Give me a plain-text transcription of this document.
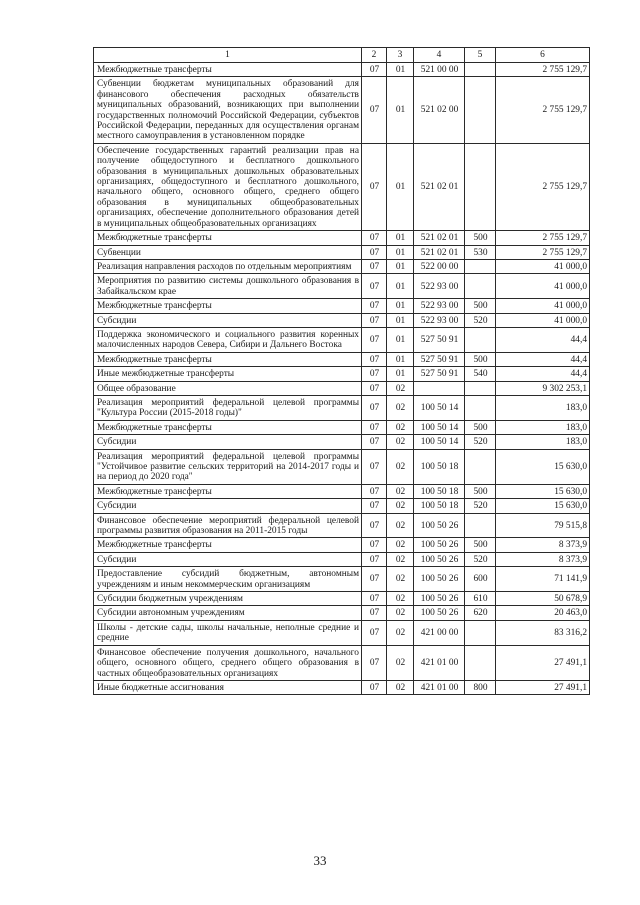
1	2	3	4	5	6
Межбюджетные трансферты	07	01	521 00 00		2 755 129,7
Субвенции бюджетам муниципальных образований для финансового обеспечения расходных обязательств муниципальных образований, возникающих при выполнении государственных полномочий Российской Федерации, субъектов Российской Федерации, переданных для осуществления органам местного самоуправления в установленном порядке	07	01	521 02 00		2 755 129,7
Обеспечение государственных гарантий реализации прав на получение общедоступного и бесплатного дошкольного образования в муниципальных дошкольных образовательных организациях, общедоступного и бесплатного дошкольного, начального общего, основного общего, среднего общего образования в муниципальных общеобразовательных организациях, обеспечение дополнительного образования детей в муниципальных общеобразовательных организациях	07	01	521 02 01		2 755 129,7
Межбюджетные трансферты	07	01	521 02 01	500	2 755 129,7
Субвенции	07	01	521 02 01	530	2 755 129,7
Реализация направления расходов по отдельным мероприятиям	07	01	522 00 00		41 000,0
Мероприятия по развитию системы дошкольного образования в Забайкальском крае	07	01	522 93 00		41 000,0
Межбюджетные трансферты	07	01	522 93 00	500	41 000,0
Субсидии	07	01	522 93 00	520	41 000,0
Поддержка экономического и социального развития коренных малочисленных народов Севера, Сибири и Дальнего Востока	07	01	527 50 91		44,4
Межбюджетные трансферты	07	01	527 50 91	500	44,4
Иные межбюджетные трансферты	07	01	527 50 91	540	44,4
Общее образование	07	02			9 302 253,1
Реализация мероприятий федеральной целевой программы "Культура России (2015-2018 годы)"	07	02	100 50 14		183,0
Межбюджетные трансферты	07	02	100 50 14	500	183,0
Субсидии	07	02	100 50 14	520	183,0
Реализация мероприятий федеральной целевой программы "Устойчивое развитие сельских территорий на 2014-2017 годы и на период до 2020 года"	07	02	100 50 18		15 630,0
Межбюджетные трансферты	07	02	100 50 18	500	15 630,0
Субсидии	07	02	100 50 18	520	15 630,0
Финансовое обеспечение мероприятий федеральной целевой программы развития образования на 2011-2015 годы	07	02	100 50 26		79 515,8
Межбюджетные трансферты	07	02	100 50 26	500	8 373,9
Субсидии	07	02	100 50 26	520	8 373,9
Предоставление субсидий бюджетным, автономным учреждениям и иным некоммерческим организациям	07	02	100 50 26	600	71 141,9
Субсидии бюджетным учреждениям	07	02	100 50 26	610	50 678,9
Субсидии автономным учреждениям	07	02	100 50 26	620	20 463,0
Школы - детские сады, школы начальные, неполные средние и средние	07	02	421 00 00		83 316,2
Финансовое обеспечение получения дошкольного, начального общего, основного общего, среднего общего образования в частных общеобразовательных организациях	07	02	421 01 00		27 491,1
Иные бюджетные ассигнования	07	02	421 01 00	800	27 491,1
33
